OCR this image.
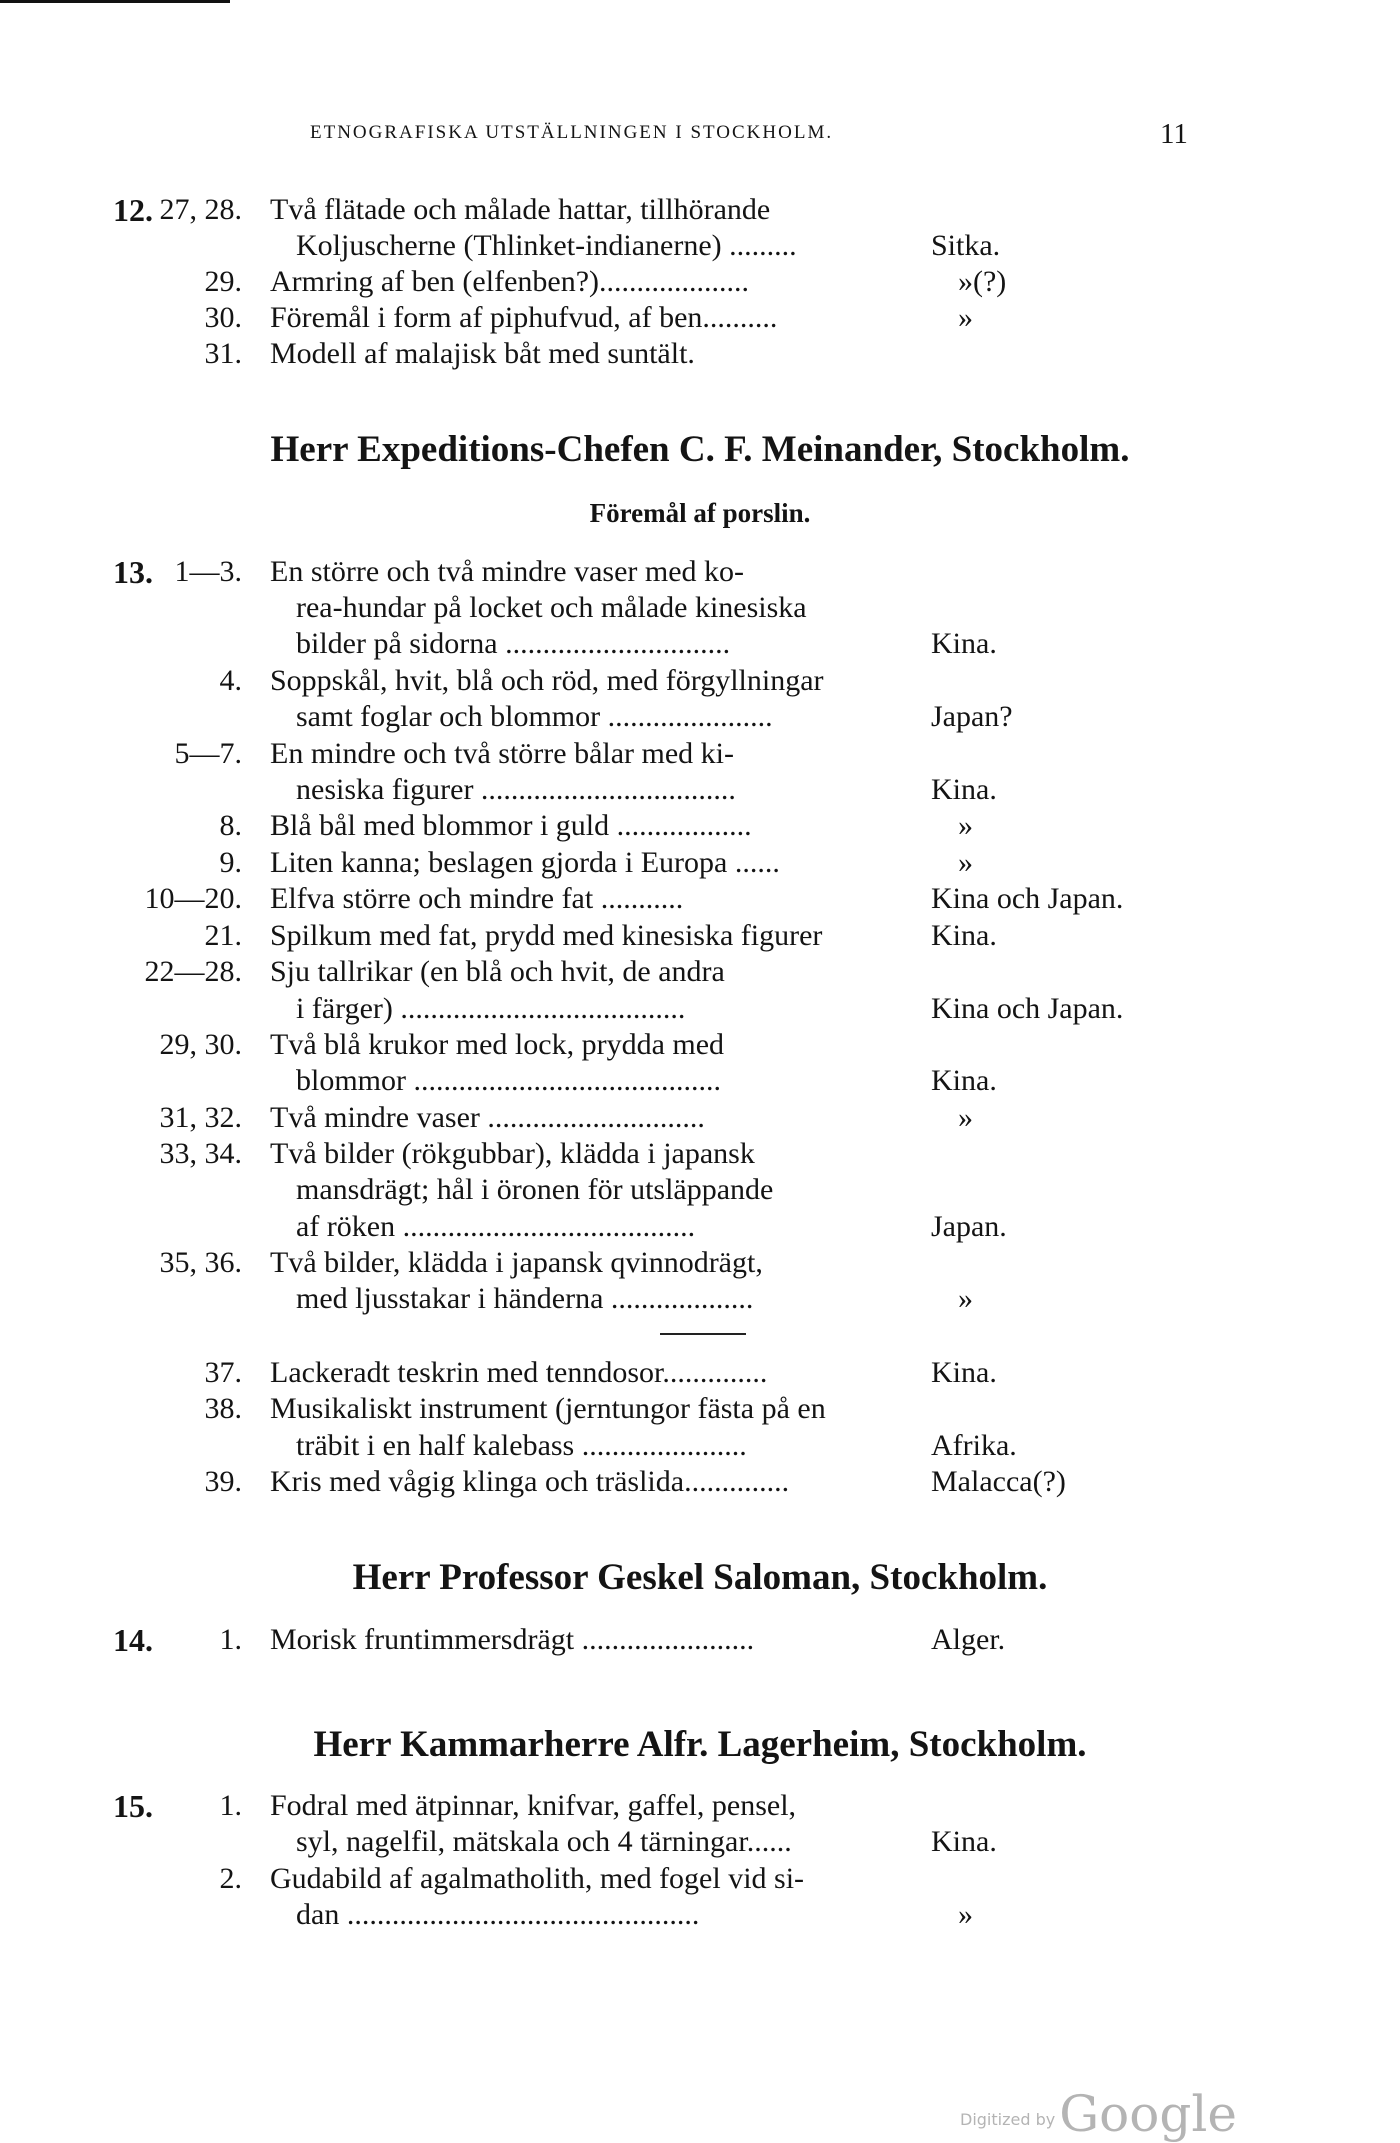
ETNOGRAFISKA UTSTÄLLNINGEN I STOCKHOLM.	11
Herr Expeditions-Chefen C. F. Meinander, Stockholm.
Föremål af porslin.
Herr Professor Geskel Saloman, Stockholm.
Herr Kammarherre Alfr. Lagerheim, Stockholm.
12. 27, 28. Två flätade och målade hattar, tillhörande
Koljuscherne (Thlinket-indianerne) .........	Sitka.
29. Armring af ben (elfenben?)....................	»(?)
30. Föremål i form af piphufvud, af ben..........	»
31. Modell af malajisk båt med suntält.
13. 1—3. En större och två mindre vaser med ko-
rea-hundar på locket och målade kinesiska
bilder på sidorna ..............................	Kina.
4. Soppskål, hvit, blå och röd, med förgyllningar
samt foglar och blommor ......................	Japan?
5—7. En mindre och två större bålar med ki-
nesiska figurer ..................................	Kina.
8. Blå bål med blommor i guld ..................	»
9. Liten kanna; beslagen gjorda i Europa ......	»
10—20. Elfva större och mindre fat ...........	Kina och Japan.
21. Spilkum med fat, prydd med kinesiska figurer	Kina.
22—28. Sju tallrikar (en blå och hvit, de andra
i färger) ......................................	Kina och Japan.
29, 30. Två blå krukor med lock, prydda med
blommor .........................................	Kina.
31, 32. Två mindre vaser .............................	»
33, 34. Två bilder (rökgubbar), klädda i japansk
mansdrägt; hål i öronen för utsläppande
af röken .......................................	Japan.
35, 36. Två bilder, klädda i japansk qvinnodrägt,
med ljusstakar i händerna ...................	»
37. Lackeradt teskrin med tenndosor..............	Kina.
38. Musikaliskt instrument (jerntungor fästa på en
träbit i en half kalebass ......................	Afrika.
39. Kris med vågig klinga och träslida..............	Malacca(?)
14. 1. Morisk fruntimmersdrägt .......................	Alger.
15. 1. Fodral med ätpinnar, knifvar, gaffel, pensel,
syl, nagelfil, mätskala och 4 tärningar......	Kina.
2. Gudabild af agalmatholith, med fogel vid si-
dan ...............................................	»
Digitized by Google
